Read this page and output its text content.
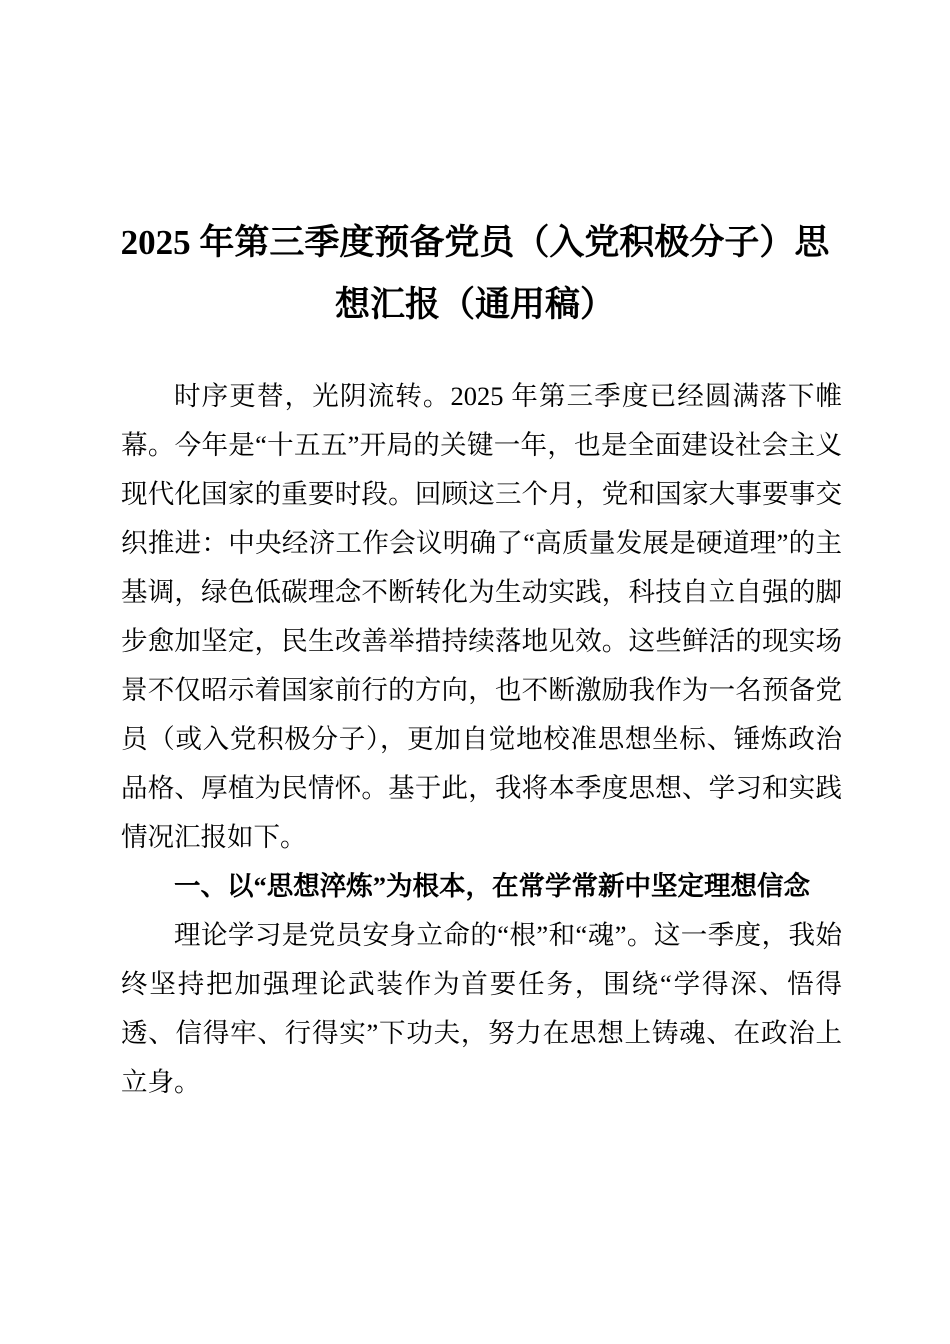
2025 年第三季度预备党员（入党积极分子）思想汇报（通用稿）

时序更替，光阴流转。2025 年第三季度已经圆满落下帷幕。今年是“十五五”开局的关键一年，也是全面建设社会主义现代化国家的重要时段。回顾这三个月，党和国家大事要事交织推进：中央经济工作会议明确了“高质量发展是硬道理”的主基调，绿色低碳理念不断转化为生动实践，科技自立自强的脚步愈加坚定，民生改善举措持续落地见效。这些鲜活的现实场景不仅昭示着国家前行的方向，也不断激励我作为一名预备党员（或入党积极分子），更加自觉地校准思想坐标、锤炼政治品格、厚植为民情怀。基于此，我将本季度思想、学习和实践情况汇报如下。

一、以“思想淬炼”为根本，在常学常新中坚定理想信念

理论学习是党员安身立命的“根”和“魂”。这一季度，我始终坚持把加强理论武装作为首要任务，围绕“学得深、悟得透、信得牢、行得实”下功夫，努力在思想上铸魂、在政治上立身。
